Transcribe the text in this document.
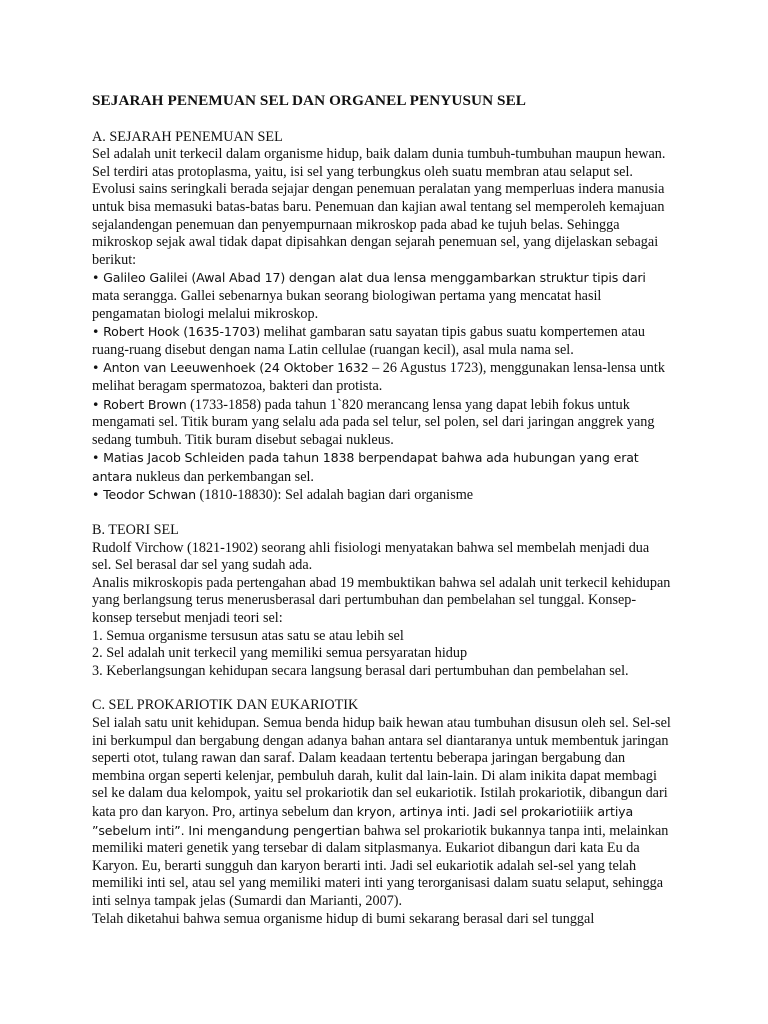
SEJARAH PENEMUAN SEL DAN ORGANEL PENYUSUN SEL

A. SEJARAH PENEMUAN SEL

Sel adalah unit terkecil dalam organisme hidup, baik dalam dunia tumbuh-tumbuhan maupun hewan. Sel terdiri atas protoplasma, yaitu, isi sel yang terbungkus oleh suatu membran atau selaput sel.

Evolusi sains seringkali berada sejajar dengan penemuan peralatan yang memperluas indera manusia untuk bisa memasuki batas-batas baru. Penemuan dan kajian awal tentang sel memperoleh kemajuan sejalandengan penemuan dan penyempurnaan mikroskop pada abad ke tujuh belas. Sehingga mikroskop sejak awal tidak dapat dipisahkan dengan sejarah penemuan sel, yang dijelaskan sebagai berikut:

• Galileo Galilei (Awal Abad 17) dengan alat dua lensa menggambarkan struktur tipis dari mata serangga. Gallei sebenarnya bukan seorang biologiwan pertama yang mencatat hasil pengamatan biologi melalui mikroskop.

• Robert Hook (1635-1703) melihat gambaran satu sayatan tipis gabus suatu kompertemen atau ruang-ruang disebut dengan nama Latin cellulae (ruangan kecil), asal mula nama sel.

• Anton van Leeuwenhoek (24 Oktober 1632 – 26 Agustus 1723), menggunakan lensa-lensa untk melihat beragam spermatozoa, bakteri dan protista.

• Robert Brown (1733-1858) pada tahun 1`820 merancang lensa yang dapat lebih fokus untuk mengamati sel. Titik buram yang selalu ada pada sel telur, sel polen, sel dari jaringan anggrek yang sedang tumbuh. Titik buram disebut sebagai nukleus.

• Matias Jacob Schleiden pada tahun 1838 berpendapat bahwa ada hubungan yang erat antara nukleus dan perkembangan sel.

• Teodor Schwan (1810-18830): Sel adalah bagian dari organisme

B. TEORI SEL

Rudolf Virchow (1821-1902) seorang ahli fisiologi menyatakan bahwa sel membelah menjadi dua sel. Sel berasal dar sel yang sudah ada.

Analis mikroskopis pada pertengahan abad 19 membuktikan bahwa sel adalah unit terkecil kehidupan yang berlangsung terus menerusberasal dari pertumbuhan dan pembelahan sel tunggal. Konsep-konsep tersebut menjadi teori sel:

1. Semua organisme tersusun atas satu se atau lebih sel

2. Sel adalah unit terkecil yang memiliki semua persyaratan hidup

3. Keberlangsungan kehidupan secara langsung berasal dari pertumbuhan dan pembelahan sel.

C. SEL PROKARIOTIK DAN EUKARIOTIK

Sel ialah satu unit kehidupan. Semua benda hidup baik hewan atau tumbuhan disusun oleh sel. Sel-sel ini berkumpul dan bergabung dengan adanya bahan antara sel diantaranya untuk membentuk jaringan seperti otot, tulang rawan dan saraf. Dalam keadaan tertentu beberapa jaringan bergabung dan membina organ seperti kelenjar, pembuluh darah, kulit dal lain-lain. Di alam inikita dapat membagi sel ke dalam dua kelompok, yaitu sel prokariotik dan sel eukariotik. Istilah prokariotik, dibangun dari kata pro dan karyon. Pro, artinya sebelum dan kryon, artinya inti. Jadi sel prokariotiiik artiya ”sebelum inti”. Ini mengandung pengertian bahwa sel prokariotik bukannya tanpa inti, melainkan memiliki materi genetik yang tersebar di dalam sitplasmanya. Eukariot dibangun dari kata Eu da Karyon. Eu, berarti sungguh dan karyon berarti inti. Jadi sel eukariotik adalah sel-sel yang telah memiliki inti sel, atau sel yang memiliki materi inti yang terorganisasi dalam suatu selaput, sehingga inti selnya tampak jelas (Sumardi dan Marianti, 2007).

Telah diketahui bahwa semua organisme hidup di bumi sekarang berasal dari sel tunggal
